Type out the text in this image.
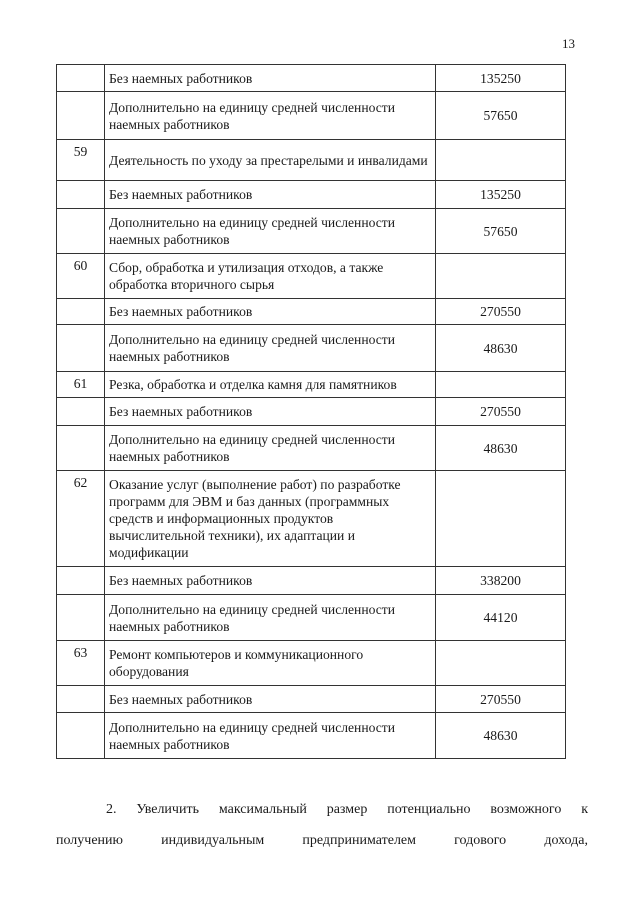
13
	Без наемных работников	135250
	Дополнительно на единицу средней численности наемных работников	57650
59	Деятельность по уходу за престарелыми и инвалидами	
	Без наемных работников	135250
	Дополнительно на единицу средней численности наемных работников	57650
60	Сбор, обработка и утилизация отходов, а также обработка вторичного сырья	
	Без наемных работников	270550
	Дополнительно на единицу средней численности наемных работников	48630
61	Резка, обработка и отделка камня для памятников	
	Без наемных работников	270550
	Дополнительно на единицу средней численности наемных работников	48630
62	Оказание услуг (выполнение работ) по разработке программ для ЭВМ и баз данных (программных средств и информационных продуктов вычислительной техники), их адаптации и модификации	
	Без наемных работников	338200
	Дополнительно на единицу средней численности наемных работников	44120
63	Ремонт компьютеров и коммуникационного оборудования	
	Без наемных работников	270550
	Дополнительно на единицу средней численности наемных работников	48630
2. Увеличить максимальный размер потенциально возможного к
получению индивидуальным предпринимателем годового дохода,
